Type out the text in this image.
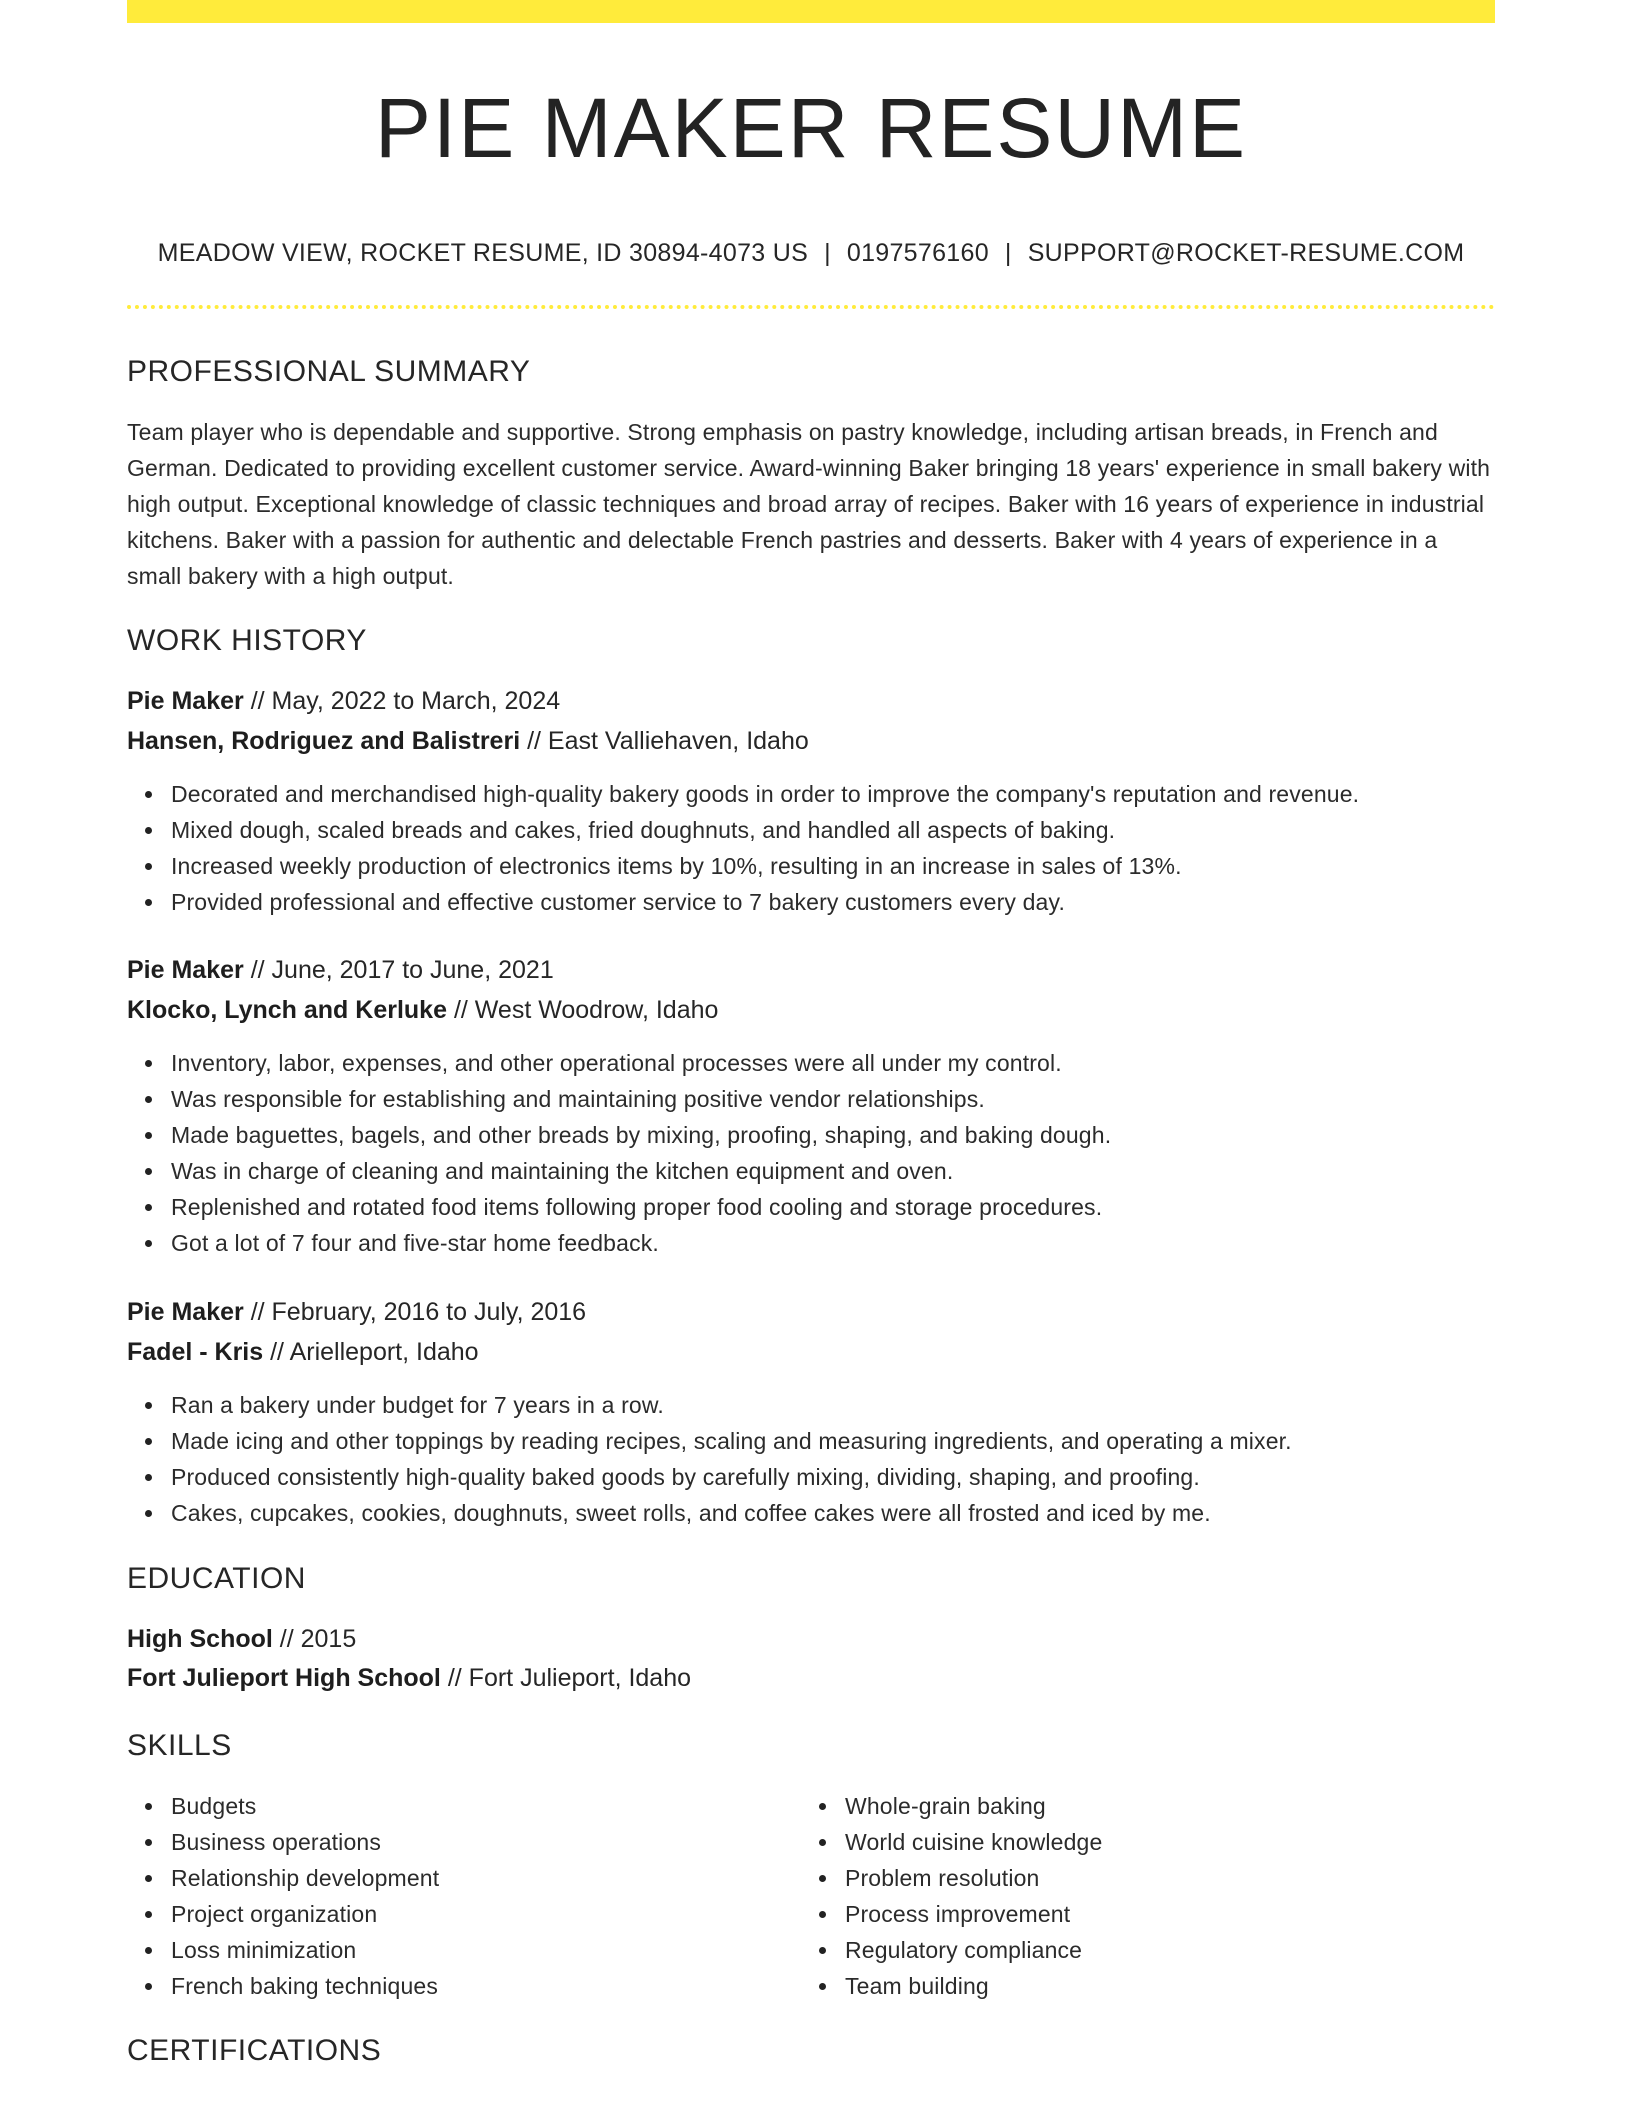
PIE MAKER RESUME
MEADOW VIEW, ROCKET RESUME, ID 30894-4073 US | 0197576160 | SUPPORT@ROCKET-RESUME.COM
PROFESSIONAL SUMMARY
Team player who is dependable and supportive. Strong emphasis on pastry knowledge, including artisan breads, in French and German. Dedicated to providing excellent customer service. Award-winning Baker bringing 18 years' experience in small bakery with high output. Exceptional knowledge of classic techniques and broad array of recipes. Baker with 16 years of experience in industrial kitchens. Baker with a passion for authentic and delectable French pastries and desserts. Baker with 4 years of experience in a small bakery with a high output.
WORK HISTORY
Pie Maker // May, 2022 to March, 2024
Hansen, Rodriguez and Balistreri // East Valliehaven, Idaho
Decorated and merchandised high-quality bakery goods in order to improve the company's reputation and revenue.
Mixed dough, scaled breads and cakes, fried doughnuts, and handled all aspects of baking.
Increased weekly production of electronics items by 10%, resulting in an increase in sales of 13%.
Provided professional and effective customer service to 7 bakery customers every day.
Pie Maker // June, 2017 to June, 2021
Klocko, Lynch and Kerluke // West Woodrow, Idaho
Inventory, labor, expenses, and other operational processes were all under my control.
Was responsible for establishing and maintaining positive vendor relationships.
Made baguettes, bagels, and other breads by mixing, proofing, shaping, and baking dough.
Was in charge of cleaning and maintaining the kitchen equipment and oven.
Replenished and rotated food items following proper food cooling and storage procedures.
Got a lot of 7 four and five-star home feedback.
Pie Maker // February, 2016 to July, 2016
Fadel - Kris // Arielleport, Idaho
Ran a bakery under budget for 7 years in a row.
Made icing and other toppings by reading recipes, scaling and measuring ingredients, and operating a mixer.
Produced consistently high-quality baked goods by carefully mixing, dividing, shaping, and proofing.
Cakes, cupcakes, cookies, doughnuts, sweet rolls, and coffee cakes were all frosted and iced by me.
EDUCATION
High School // 2015
Fort Julieport High School // Fort Julieport, Idaho
SKILLS
Budgets
Business operations
Relationship development
Project organization
Loss minimization
French baking techniques
Whole-grain baking
World cuisine knowledge
Problem resolution
Process improvement
Regulatory compliance
Team building
CERTIFICATIONS
